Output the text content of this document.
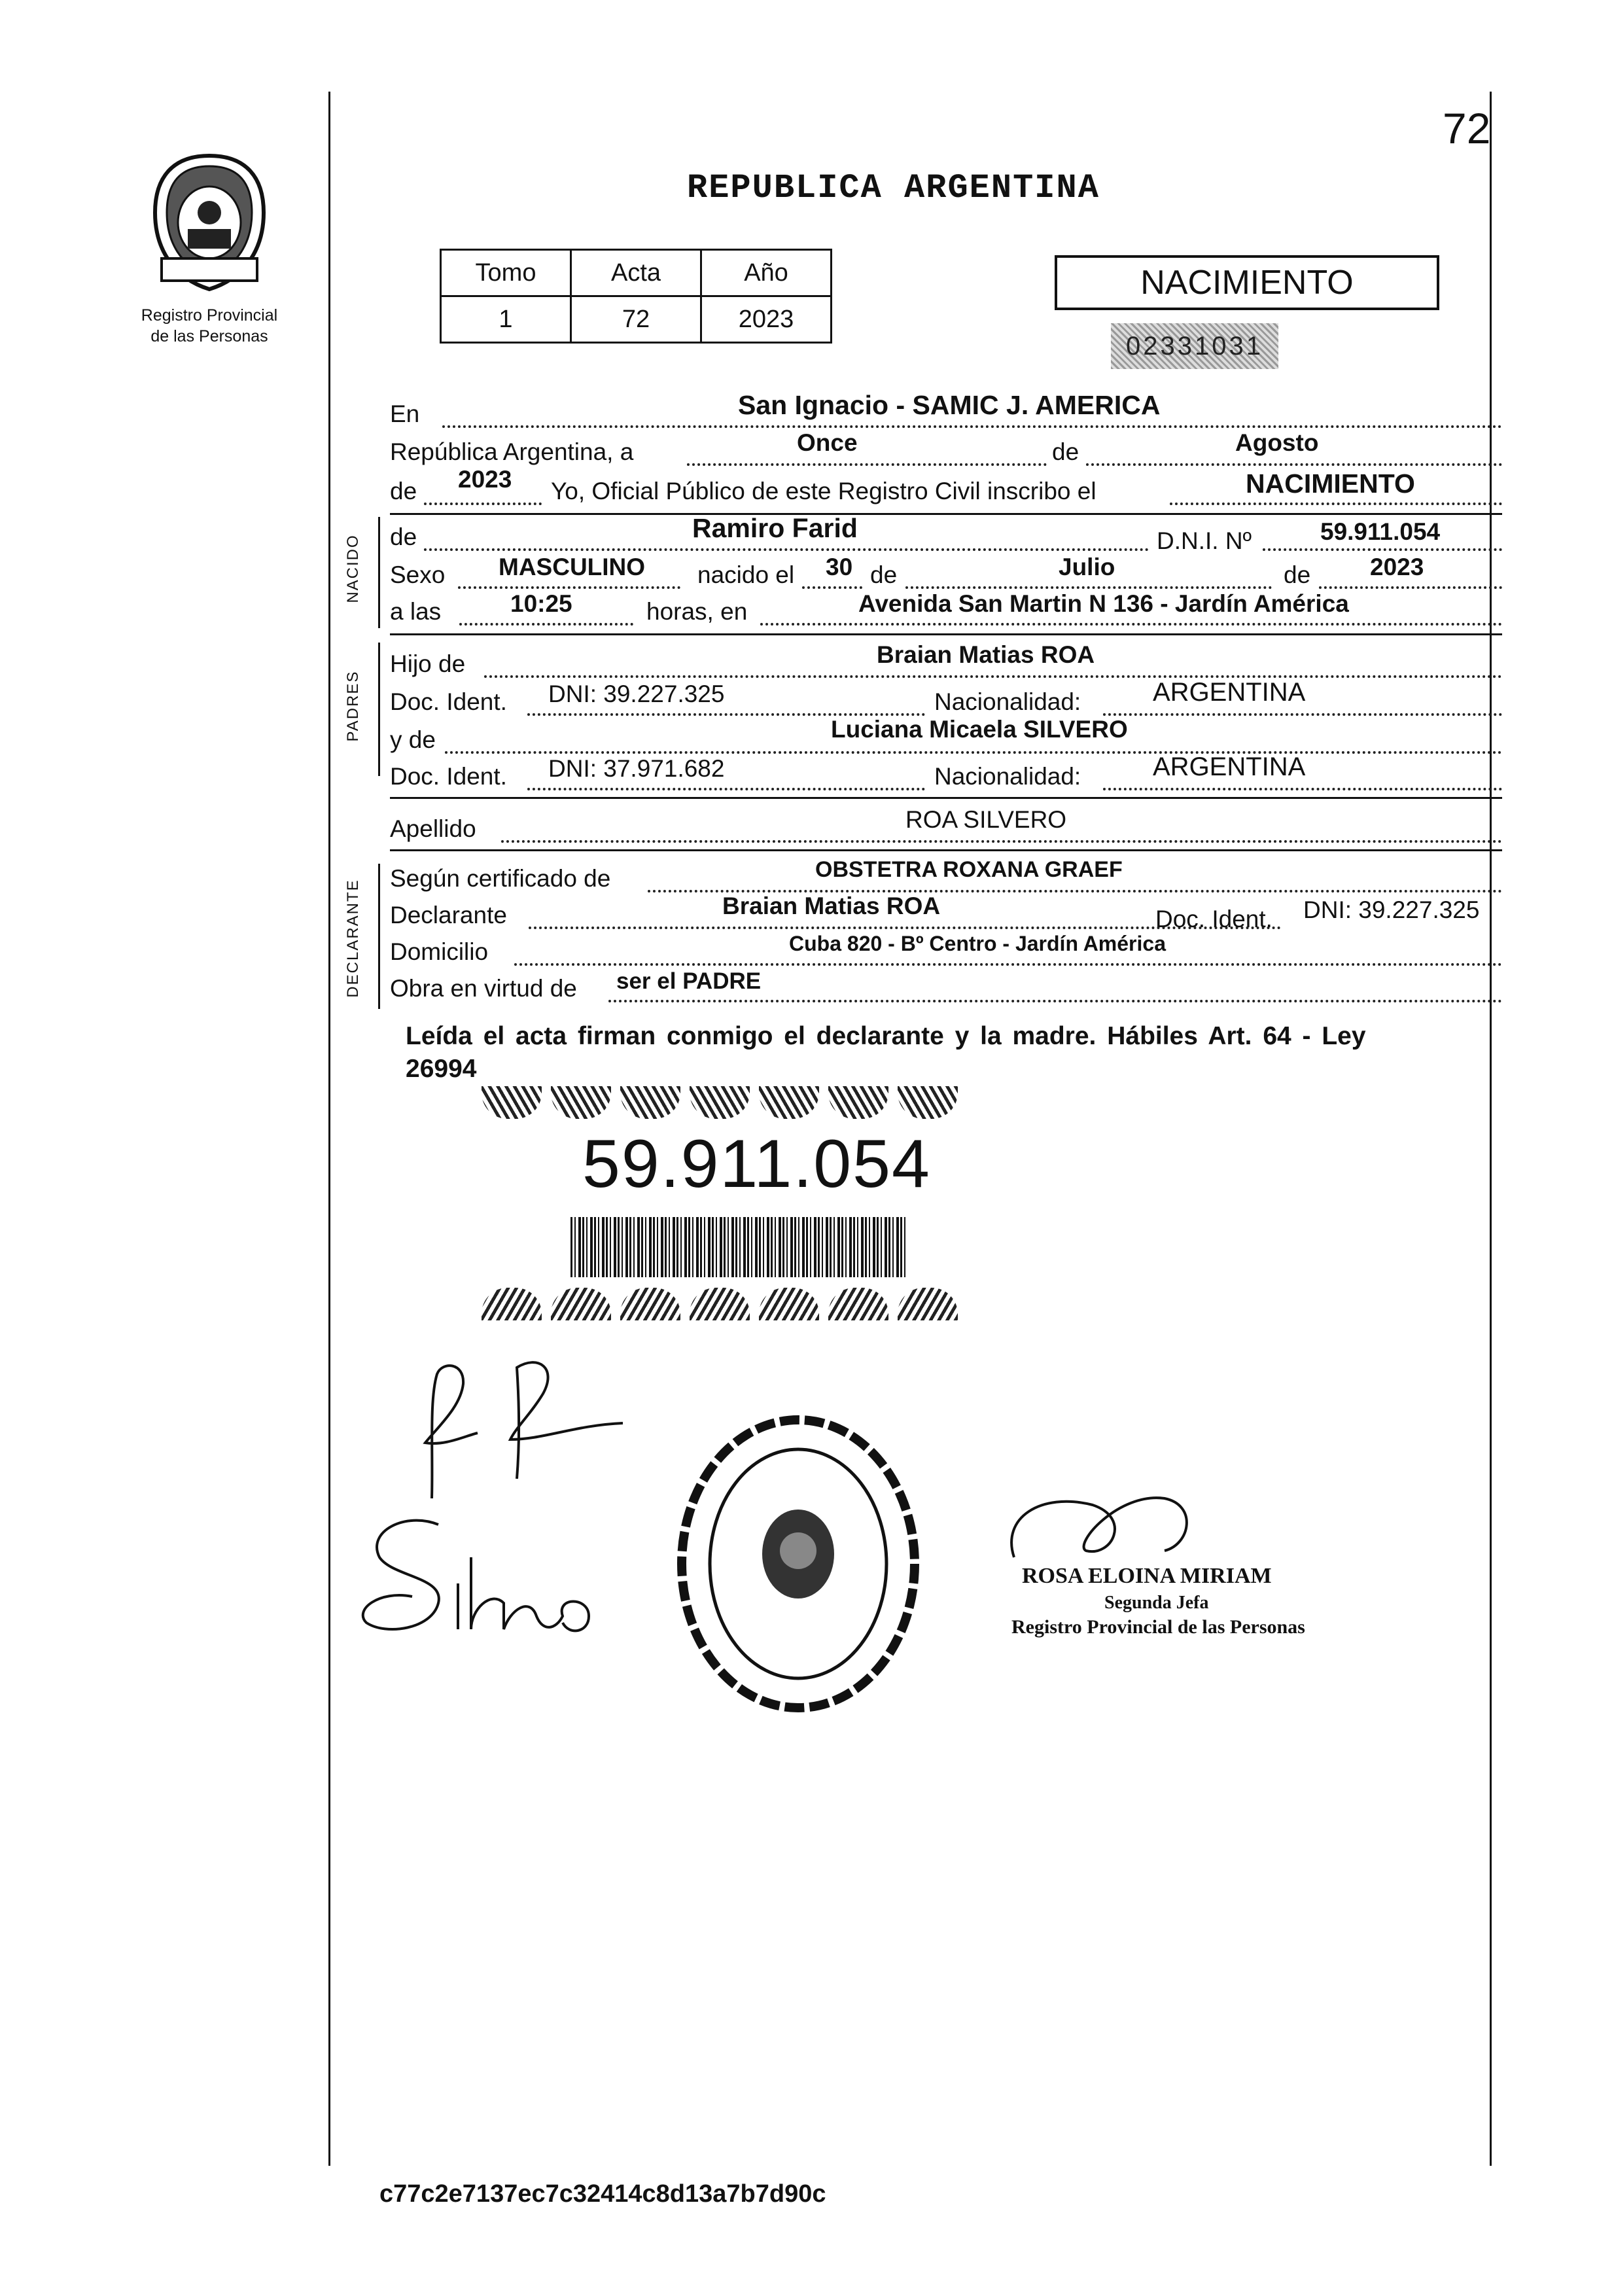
72
Registro Provincial
de las Personas
REPUBLICA ARGENTINA
Tomo	Acta	Año
1	72	2023
NACIMIENTO
02331031
En	San Ignacio - SAMIC J. AMERICA
República Argentina, a	Once	de	Agosto
de 2023 Yo, Oficial Público de este Registro Civil inscribo el	NACIMIENTO
NACIDO de	Ramiro Farid	D.N.I. Nº	59.911.054
Sexo MASCULINO nacido el 30 de	Julio	de 2023
a las	10:25	horas, en	Avenida San Martin N 136 - Jardín América
PADRES
Hijo de	Braian Matias ROA
Doc. Ident. DNI: 39.227.325	Nacionalidad:	ARGENTINA
y de	Luciana Micaela SILVERO
Doc. Ident. DNI: 37.971.682	Nacionalidad:	ARGENTINA
Apellido	ROA SILVERO
DECLARANTE
Según certificado de	OBSTETRA ROXANA GRAEF
Declarante	Braian Matias ROA	Doc. Ident. DNI: 39.227.325
Domicilio	Cuba 820 - Bº Centro - Jardín América
Obra en virtud de ser el PADRE
Leída el acta firman conmigo el declarante y la madre. Hábiles Art. 64 - Ley
26994
59.911.054
ROSA ELOINA MIRIAM
Segunda Jefa
Registro Provincial de las Personas
c77c2e7137ec7c32414c8d13a7b7d90c
